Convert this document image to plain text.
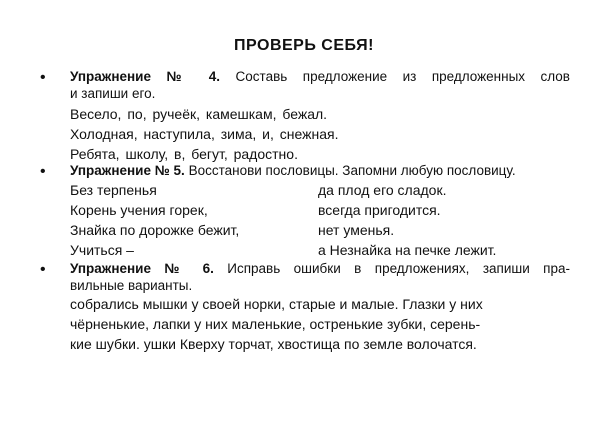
ПРОВЕРЬ СЕБЯ!
• Упражнение № 4. Составь предложение из предложенных слов
и запиши его.
Весело, по, ручеёк, камешкам, бежал.
Холодная, наступила, зима, и, снежная.
Ребята, школу, в, бегут, радостно.
• Упражнение № 5. Восстанови пословицы. Запомни любую пословицу.
Без терпенья	да плод его сладок.
Корень учения горек,	всегда пригодится.
Знайка по дорожке бежит,	нет уменья.
Учиться –	а Незнайка на печке лежит.
• Упражнение № 6. Исправь ошибки в предложениях, запиши пра-
вильные варианты.
собрались мышки у своей норки, старые и малые. Глазки у них
чёрненькие, лапки у них маленькие, остренькие зубки, серень-
кие шубки. ушки Кверху торчат, хвостища по земле волочатся.
